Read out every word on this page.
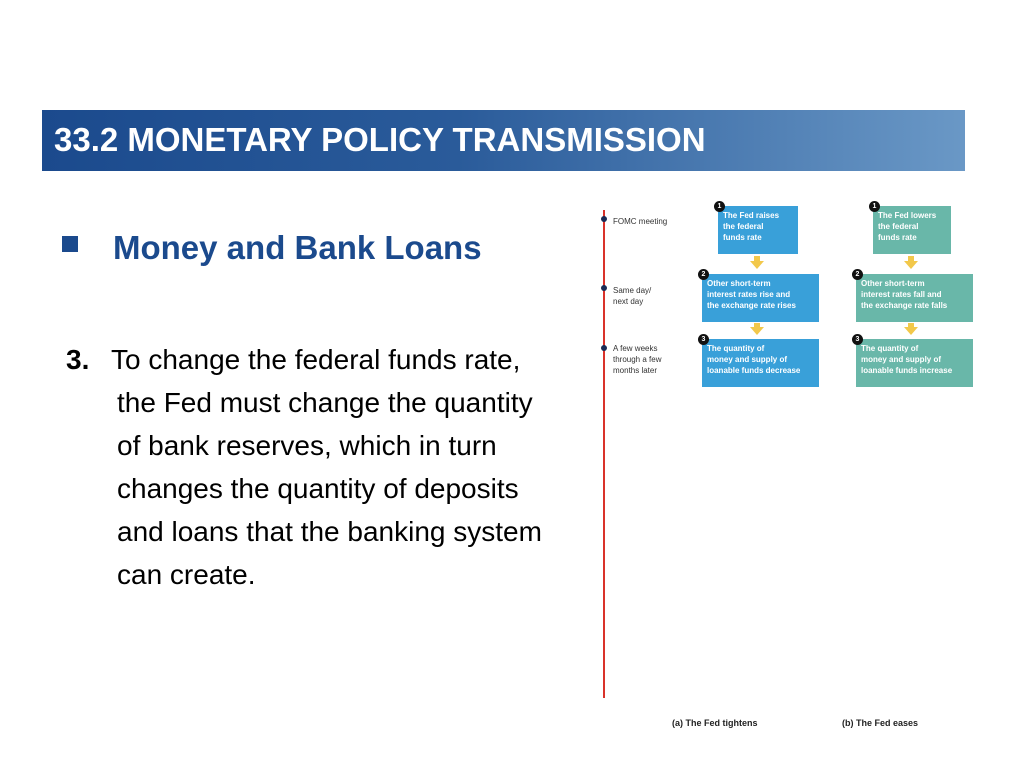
33.2 MONETARY POLICY TRANSMISSION
Money and Bank Loans
3. To change the federal funds rate, the Fed must change the quantity of bank reserves, which in turn changes the quantity of deposits and loans that the banking system can create.
FOMC meeting
Same day/
next day
A few weeks
through a few
months later
The Fed raises
the federal
funds rate
1
Other short-term
interest rates rise and
the exchange rate rises
2
The quantity of
money and supply of
loanable funds decrease
3
(a) The Fed tightens
The Fed lowers
the federal
funds rate
1
Other short-term
interest rates fall and
the exchange rate falls
2
The quantity of
money and supply of
loanable funds increase
3
(b) The Fed eases
